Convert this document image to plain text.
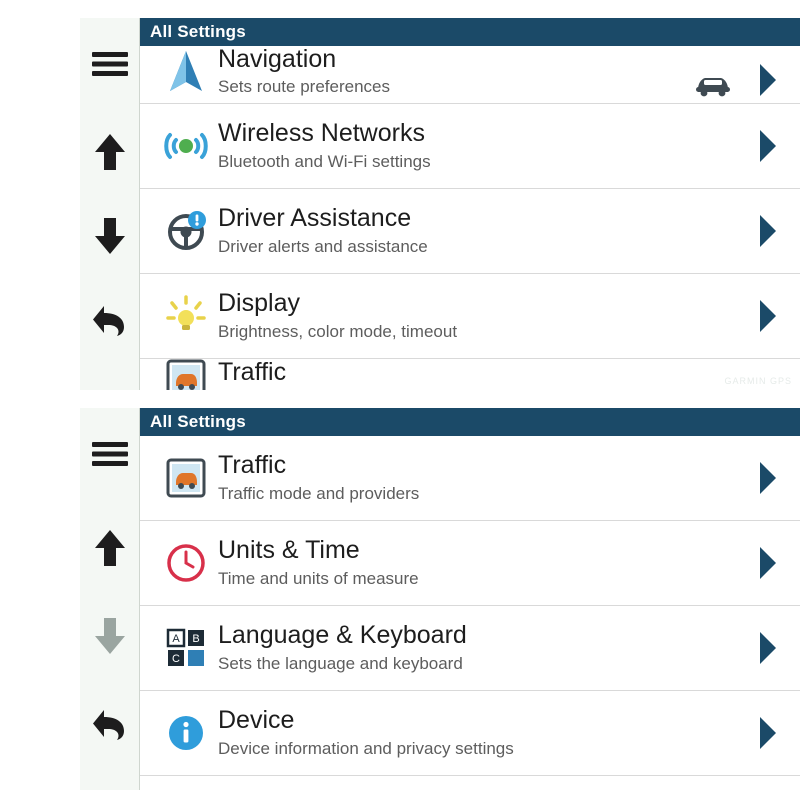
All Settings
Navigation
Sets route preferences
Wireless Networks
Bluetooth and Wi-Fi settings
Driver Assistance
Driver alerts and assistance
Display
Brightness, color mode, timeout
Traffic	GARMIN GPS
All Settings
Traffic
Traffic mode and providers
Units & Time
Time and units of measure
A B
C
Language & Keyboard
Sets the language and keyboard
Device
Device information and privacy settings
